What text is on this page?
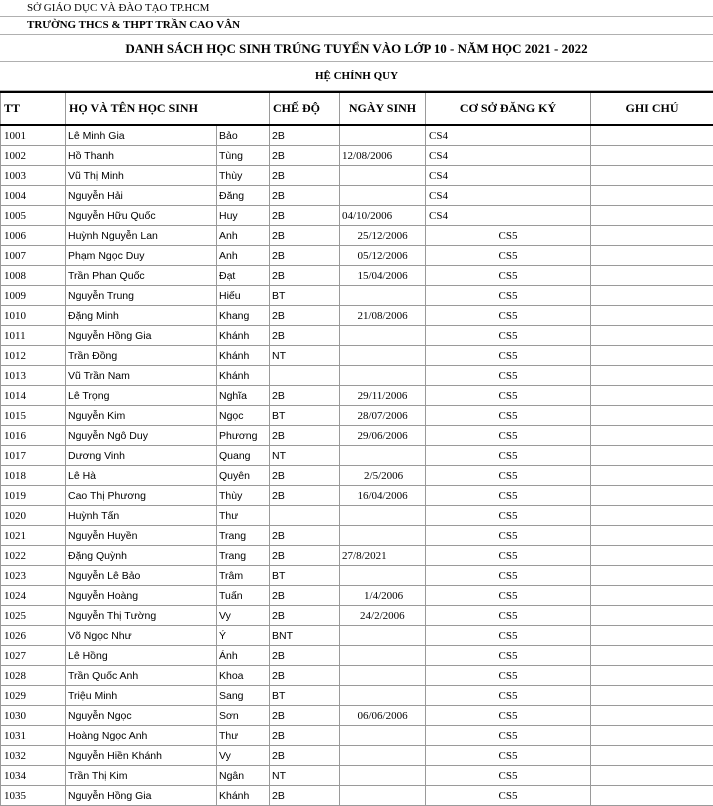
SỞ GIÁO DỤC VÀ ĐÀO TẠO TP.HCM
TRƯỜNG THCS & THPT TRẦN CAO VÂN
DANH SÁCH HỌC SINH TRÚNG TUYỂN VÀO LỚP 10 - NĂM HỌC 2021 - 2022
HỆ CHÍNH QUY
TT	HỌ VÀ TÊN HỌC SINH		CHẾ ĐỘ	NGÀY SINH	CƠ SỞ ĐĂNG KÝ	GHI CHÚ
1001	Lê Minh Gia	Bảo	2B		CS4	
1002	Hồ Thanh	Tùng	2B	12/08/2006	CS4	
1003	Vũ Thị Minh	Thùy	2B		CS4	
1004	Nguyễn Hải	Đăng	2B		CS4	
1005	Nguyễn Hữu Quốc	Huy	2B	04/10/2006	CS4	
1006	Huỳnh Nguyễn Lan	Anh	2B	25/12/2006	CS5	
1007	Phạm Ngọc Duy	Anh	2B	05/12/2006	CS5	
1008	Trần Phan Quốc	Đạt	2B	15/04/2006	CS5	
1009	Nguyễn Trung	Hiếu	BT		CS5	
1010	Đặng Minh	Khang	2B	21/08/2006	CS5	
1011	Nguyễn Hồng Gia	Khánh	2B		CS5	
1012	Trần Đồng	Khánh	NT		CS5	
1013	Vũ Trần Nam	Khánh			CS5	
1014	Lê Trọng	Nghĩa	2B	29/11/2006	CS5	
1015	Nguyễn Kim	Ngọc	BT	28/07/2006	CS5	
1016	Nguyễn Ngô Duy	Phương	2B	29/06/2006	CS5	
1017	Dương Vinh	Quang	NT		CS5	
1018	Lê Hà	Quyên	2B	2/5/2006	CS5	
1019	Cao Thị Phương	Thùy	2B	16/04/2006	CS5	
1020	Huỳnh Tấn	Thư			CS5	
1021	Nguyễn Huyền	Trang	2B		CS5	
1022	Đặng Quỳnh	Trang	2B	27/8/2021	CS5	
1023	Nguyễn Lê Bảo	Trâm	BT		CS5	
1024	Nguyễn Hoàng	Tuấn	2B	1/4/2006	CS5	
1025	Nguyễn Thị Tường	Vy	2B	24/2/2006	CS5	
1026	Võ Ngọc Như	Ý	BNT		CS5	
1027	Lê Hồng	Ánh	2B		CS5	
1028	Trần Quốc Anh	Khoa	2B		CS5	
1029	Triệu Minh	Sang	BT		CS5	
1030	Nguyễn Ngọc	Sơn	2B	06/06/2006	CS5	
1031	Hoàng Ngọc Anh	Thư	2B		CS5	
1032	Nguyễn Hiền Khánh	Vy	2B		CS5	
1034	Trần Thị Kim	Ngân	NT		CS5	
1035	Nguyễn Hồng Gia	Khánh	2B		CS5	
